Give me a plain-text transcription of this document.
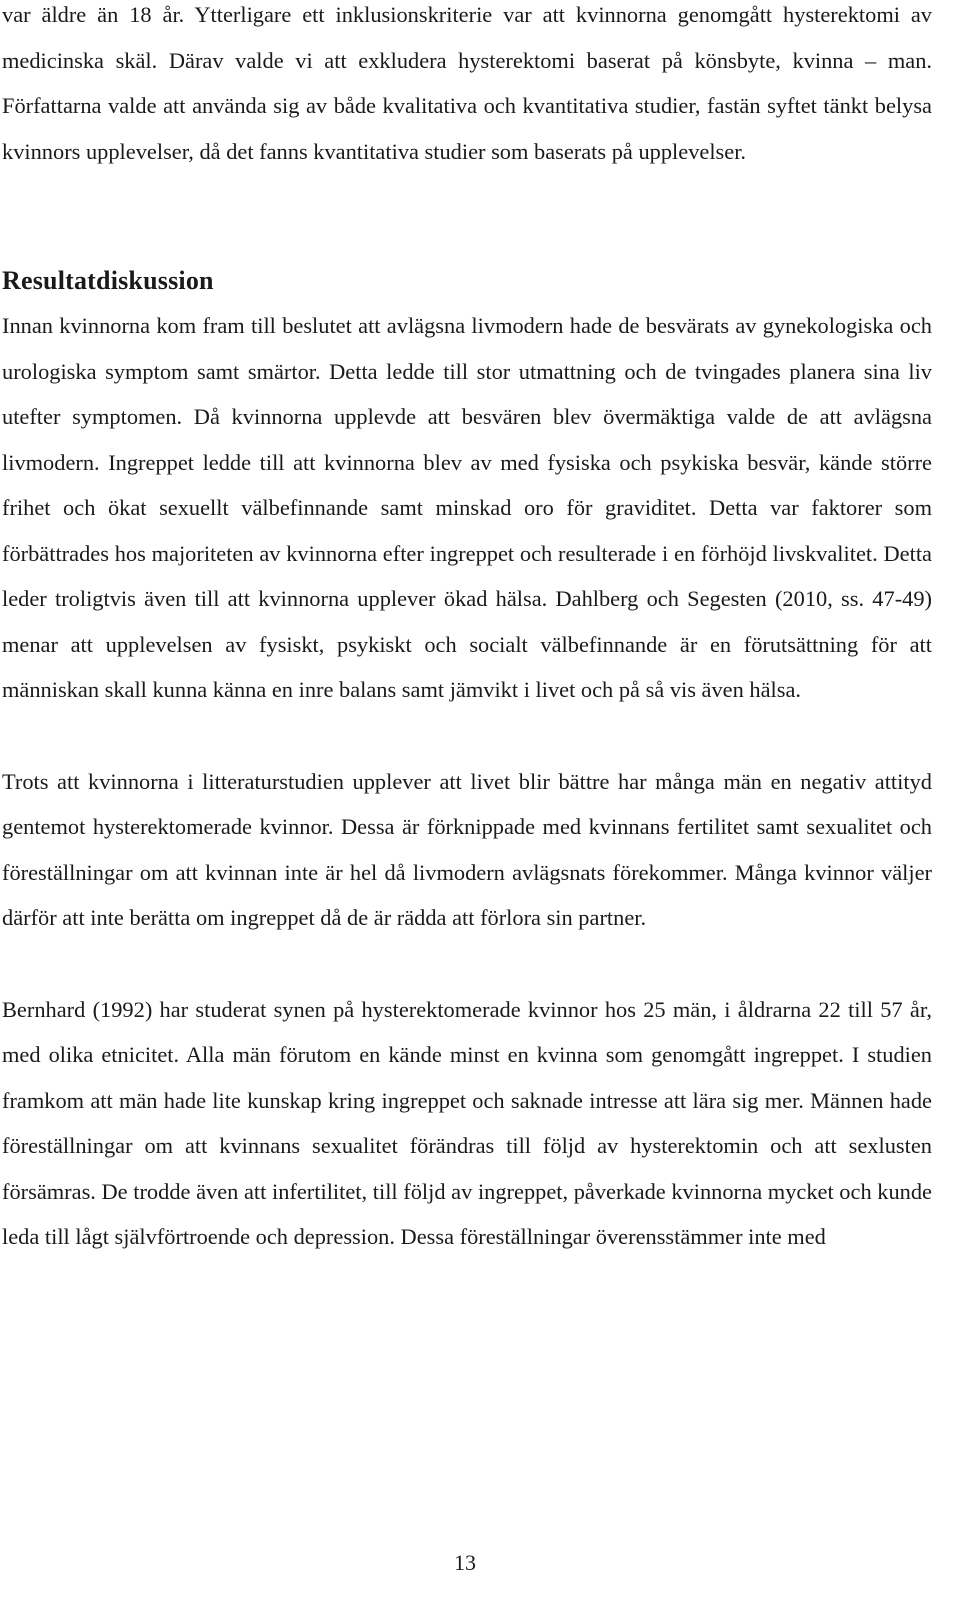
var äldre än 18 år. Ytterligare ett inklusionskriterie var att kvinnorna genomgått hysterektomi av medicinska skäl. Därav valde vi att exkludera hysterektomi baserat på könsbyte, kvinna – man. Författarna valde att använda sig av både kvalitativa och kvantitativa studier, fastän syftet tänkt belysa kvinnors upplevelser, då det fanns kvantitativa studier som baserats på upplevelser.

Resultatdiskussion

Innan kvinnorna kom fram till beslutet att avlägsna livmodern hade de besvärats av gynekologiska och urologiska symptom samt smärtor. Detta ledde till stor utmattning och de tvingades planera sina liv utefter symptomen. Då kvinnorna upplevde att besvären blev övermäktiga valde de att avlägsna livmodern. Ingreppet ledde till att kvinnorna blev av med fysiska och psykiska besvär, kände större frihet och ökat sexuellt välbefinnande samt minskad oro för graviditet. Detta var faktorer som förbättrades hos majoriteten av kvinnorna efter ingreppet och resulterade i en förhöjd livskvalitet. Detta leder troligtvis även till att kvinnorna upplever ökad hälsa. Dahlberg och Segesten (2010, ss. 47-49) menar att upplevelsen av fysiskt, psykiskt och socialt välbefinnande är en förutsättning för att människan skall kunna känna en inre balans samt jämvikt i livet och på så vis även hälsa.

Trots att kvinnorna i litteraturstudien upplever att livet blir bättre har många män en negativ attityd gentemot hysterektomerade kvinnor. Dessa är förknippade med kvinnans fertilitet samt sexualitet och föreställningar om att kvinnan inte är hel då livmodern avlägsnats förekommer. Många kvinnor väljer därför att inte berätta om ingreppet då de är rädda att förlora sin partner.

Bernhard (1992) har studerat synen på hysterektomerade kvinnor hos 25 män, i åldrarna 22 till 57 år, med olika etnicitet. Alla män förutom en kände minst en kvinna som genomgått ingreppet. I studien framkom att män hade lite kunskap kring ingreppet och saknade intresse att lära sig mer. Männen hade föreställningar om att kvinnans sexualitet förändras till följd av hysterektomin och att sexlusten försämras. De trodde även att infertilitet, till följd av ingreppet, påverkade kvinnorna mycket och kunde leda till lågt självförtroende och depression. Dessa föreställningar överensstämmer inte med

13
